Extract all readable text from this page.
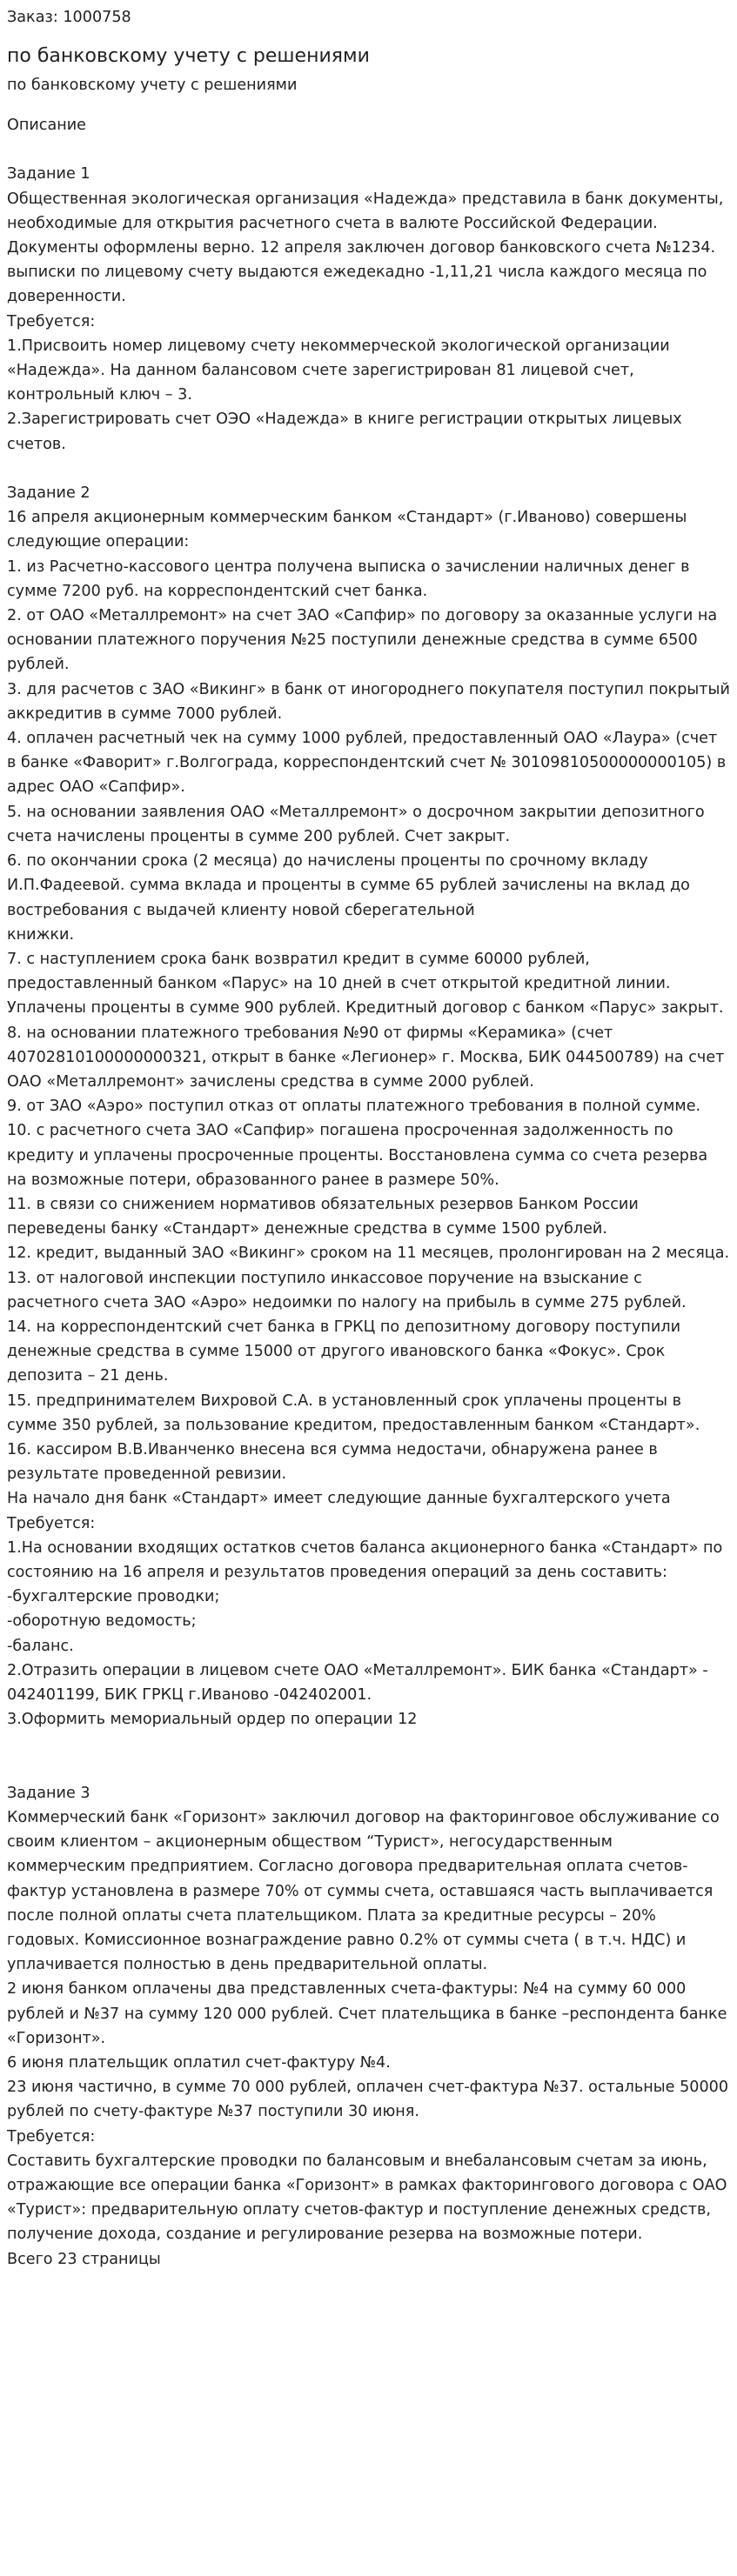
Заказ: 1000758
по банковскому учету с решениями
по банковскому учету с решениями
Описание

Задание 1
Общественная экологическая организация «Надежда» представила в банк документы, необходимые для открытия расчетного счета в валюте Российской Федерации. Документы оформлены верно. 12 апреля заключен договор банковского счета №1234. выписки по лицевому счету выдаются ежедекадно -1,11,21 числа каждого месяца по доверенности.
Требуется:
1.Присвоить номер лицевому счету некоммерческой экологической организации «Надежда». На данном балансовом счете зарегистрирован 81 лицевой счет, контрольный ключ – 3.
2.Зарегистрировать счет ОЭО «Надежда» в книге регистрации открытых лицевых счетов.

Задание 2
16 апреля акционерным коммерческим банком «Стандарт» (г.Иваново) совершены следующие операции:
1. из Расчетно-кассового центра получена выписка о зачислении наличных денег в сумме 7200 руб. на корреспондентский счет банка.
2. от ОАО «Металлремонт» на счет ЗАО «Сапфир» по договору за оказанные услуги на основании платежного поручения №25 поступили денежные средства в сумме 6500 рублей.
3. для расчетов с ЗАО «Викинг» в банк от иногороднего покупателя поступил покрытый аккредитив в сумме 7000 рублей.
4. оплачен расчетный чек на сумму 1000 рублей, предоставленный ОАО «Лаура» (счет в банке «Фаворит» г.Волгограда, корреспондентский счет № 30109810500000000105) в адрес ОАО «Сапфир».
5. на основании заявления ОАО «Металлремонт» о досрочном закрытии депозитного счета начислены проценты в сумме 200 рублей. Счет закрыт.
6. по окончании срока (2 месяца) до начислены проценты по срочному вкладу И.П.Фадеевой. сумма вклада и проценты в сумме 65 рублей зачислены на вклад до востребования с выдачей клиенту новой сберегательной
книжки.
7. с наступлением срока банк возвратил кредит в сумме 60000 рублей, предоставленный банком «Парус» на 10 дней в счет открытой кредитной линии. Уплачены проценты в сумме 900 рублей. Кредитный договор с банком «Парус» закрыт.
8. на основании платежного требования №90 от фирмы «Керамика» (счет 40702810100000000321, открыт в банке «Легионер» г. Москва, БИК 044500789) на счет ОАО «Металлремонт» зачислены средства в сумме 2000 рублей.
9. от ЗАО «Аэро» поступил отказ от оплаты платежного требования в полной сумме.
10. с расчетного счета ЗАО «Сапфир» погашена просроченная задолженность по кредиту и уплачены просроченные проценты. Восстановлена сумма со счета резерва на возможные потери, образованного ранее в размере 50%.
11. в связи со снижением нормативов обязательных резервов Банком России переведены банку «Стандарт» денежные средства в сумме 1500 рублей.
12. кредит, выданный ЗАО «Викинг» сроком на 11 месяцев, пролонгирован на 2 месяца.
13. от налоговой инспекции поступило инкассовое поручение на взыскание с расчетного счета ЗАО «Аэро» недоимки по налогу на прибыль в сумме 275 рублей.
14. на корреспондентский счет банка в ГРКЦ по депозитному договору поступили денежные средства в сумме 15000 от другого ивановского банка «Фокус». Срок депозита – 21 день.
15. предпринимателем Вихровой С.А. в установленный срок уплачены проценты в сумме 350 рублей, за пользование кредитом, предоставленным банком «Стандарт».
16. кассиром В.В.Иванченко внесена вся сумма недостачи, обнаружена ранее в результате проведенной ревизии.
На начало дня банк «Стандарт» имеет следующие данные бухгалтерского учета
Требуется:
1.На основании входящих остатков счетов баланса акционерного банка «Стандарт» по состоянию на 16 апреля и результатов проведения операций за день составить:
-бухгалтерские проводки;
-оборотную ведомость;
-баланс.
2.Отразить операции в лицевом счете ОАО «Металлремонт». БИК банка «Стандарт» - 042401199, БИК ГРКЦ г.Иваново -042402001.
3.Оформить мемориальный ордер по операции 12

Задание 3
Коммерческий банк «Горизонт» заключил договор на факторинговое обслуживание со своим клиентом – акционерным обществом “Турист», негосударственным коммерческим предприятием. Согласно договора предварительная оплата счетов-фактур установлена в размере 70% от суммы счета, оставшаяся часть выплачивается после полной оплаты счета плательщиком. Плата за кредитные ресурсы – 20% годовых. Комиссионное вознаграждение равно 0.2% от суммы счета ( в т.ч. НДС) и уплачивается полностью в день предварительной оплаты.
2 июня банком оплачены два представленных счета-фактуры: №4 на сумму 60 000 рублей и №37 на сумму 120 000 рублей. Счет плательщика в банке –респондента банке «Горизонт».
6 июня плательщик оплатил счет-фактуру №4.
23 июня частично, в сумме 70 000 рублей, оплачен счет-фактура №37. остальные 50000 рублей по счету-фактуре №37 поступили 30 июня.
Требуется:
Составить бухгалтерские проводки по балансовым и внебалансовым счетам за июнь, отражающие все операции банка «Горизонт» в рамках факторингового договора с ОАО «Турист»: предварительную оплату счетов-фактур и поступление денежных средств, получение дохода, создание и регулирование резерва на возможные потери.

Всего 23 страницы
